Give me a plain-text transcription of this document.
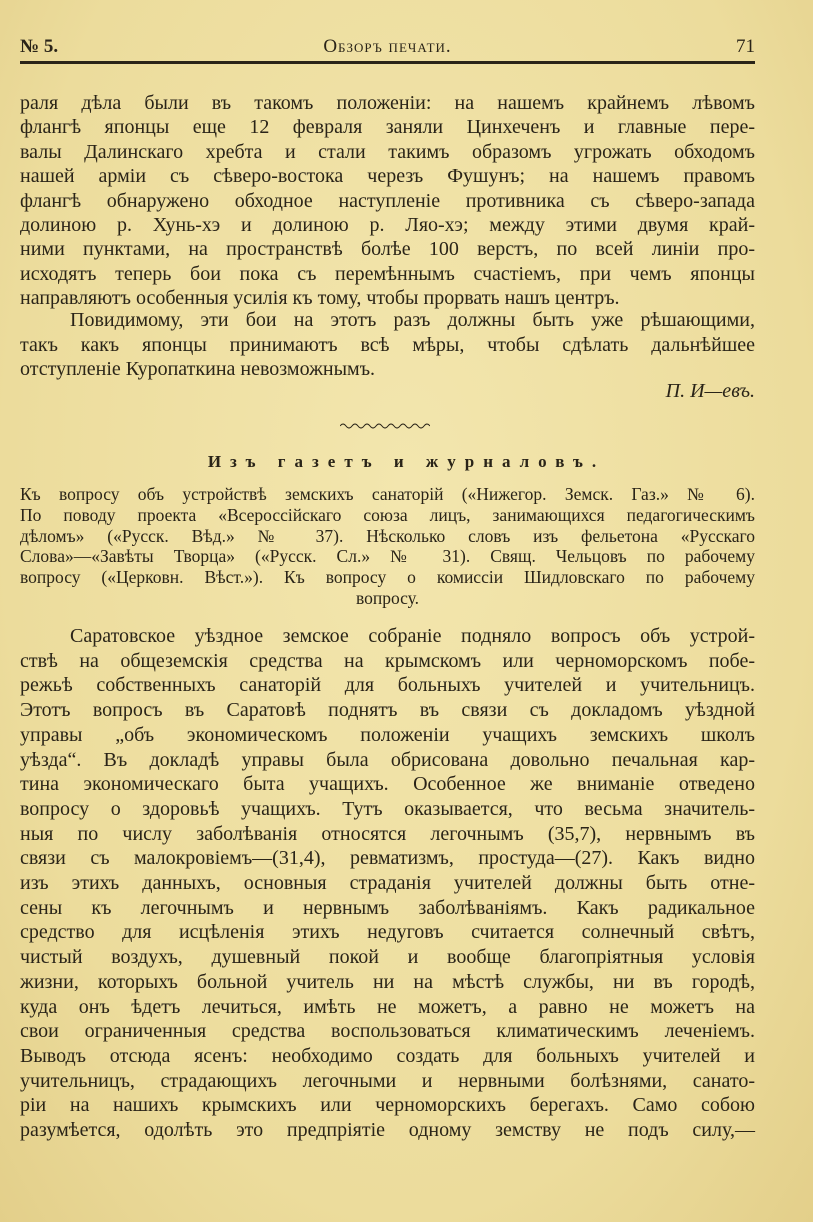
№ 5.	Обзоръ печати.	71
раля дѣла были въ такомъ положеніи: на нашемъ крайнемъ лѣвомъ
флангѣ японцы еще 12 февраля заняли Цинхеченъ и главные пере-
валы Далинскаго хребта и стали такимъ образомъ угрожать обходомъ
нашей арміи съ сѣверо-востока черезъ Фушунъ; на нашемъ правомъ
флангѣ обнаружено обходное наступленіе противника съ сѣверо-запада
долиною р. Хунь-хэ и долиною р. Ляо-хэ; между этими двумя край-
ними пунктами, на пространствѣ болѣе 100 верстъ, по всей линіи про-
исходятъ теперь бои пока съ перемѣннымъ счастіемъ, при чемъ японцы
направляютъ особенныя усилія къ тому, чтобы прорвать нашъ центръ.
Повидимому, эти бои на этотъ разъ должны быть уже рѣшающими,
такъ какъ японцы принимаютъ всѣ мѣры, чтобы сдѣлать дальнѣйшее
отступленіе Куропаткина невозможнымъ.
П. И—евъ.
Изъ газетъ и журналовъ.
Къ вопросу объ устройствѣ земскихъ санаторій («Нижегор. Земск. Газ.» № 6).
По поводу проекта «Всероссійскаго союза лицъ, занимающихся педагогическимъ
дѣломъ» («Русск. Вѣд.» № 37). Нѣсколько словъ изъ фельетона «Русскаго
Слова»—«Завѣты Творца» («Русск. Сл.» № 31). Свящ. Чельцовъ по рабочему
вопросу («Церковн. Вѣст.»). Къ вопросу о комиссіи Шидловскаго по рабочему
вопросу.
Саратовское уѣздное земское собраніе подняло вопросъ объ устрой-
ствѣ на общеземскія средства на крымскомъ или черноморскомъ побе-
режьѣ собственныхъ санаторій для больныхъ учителей и учительницъ.
Этотъ вопросъ въ Саратовѣ поднятъ въ связи съ докладомъ уѣздной
управы „объ экономическомъ положеніи учащихъ земскихъ школъ
уѣзда“. Въ докладѣ управы была обрисована довольно печальная кар-
тина экономическаго быта учащихъ. Особенное же вниманіе отведено
вопросу о здоровьѣ учащихъ. Тутъ оказывается, что весьма значитель-
ныя по числу заболѣванія относятся легочнымъ (35,7), нервнымъ въ
связи съ малокровіемъ—(31,4), ревматизмъ, простуда—(27). Какъ видно
изъ этихъ данныхъ, основныя страданія учителей должны быть отне-
сены къ легочнымъ и нервнымъ заболѣваніямъ. Какъ радикальное
средство для исцѣленія этихъ недуговъ считается солнечный свѣтъ,
чистый воздухъ, душевный покой и вообще благопріятныя условія
жизни, которыхъ больной учитель ни на мѣстѣ службы, ни въ городѣ,
куда онъ ѣдетъ лечиться, имѣть не можетъ, а равно не можетъ на
свои ограниченныя средства воспользоваться климатическимъ леченіемъ.
Выводъ отсюда ясенъ: необходимо создать для больныхъ учителей и
учительницъ, страдающихъ легочными и нервными болѣзнями, санато-
ріи на нашихъ крымскихъ или черноморскихъ берегахъ. Само собою
разумѣется, одолѣть это предпріятіе одному земству не подъ силу,—
